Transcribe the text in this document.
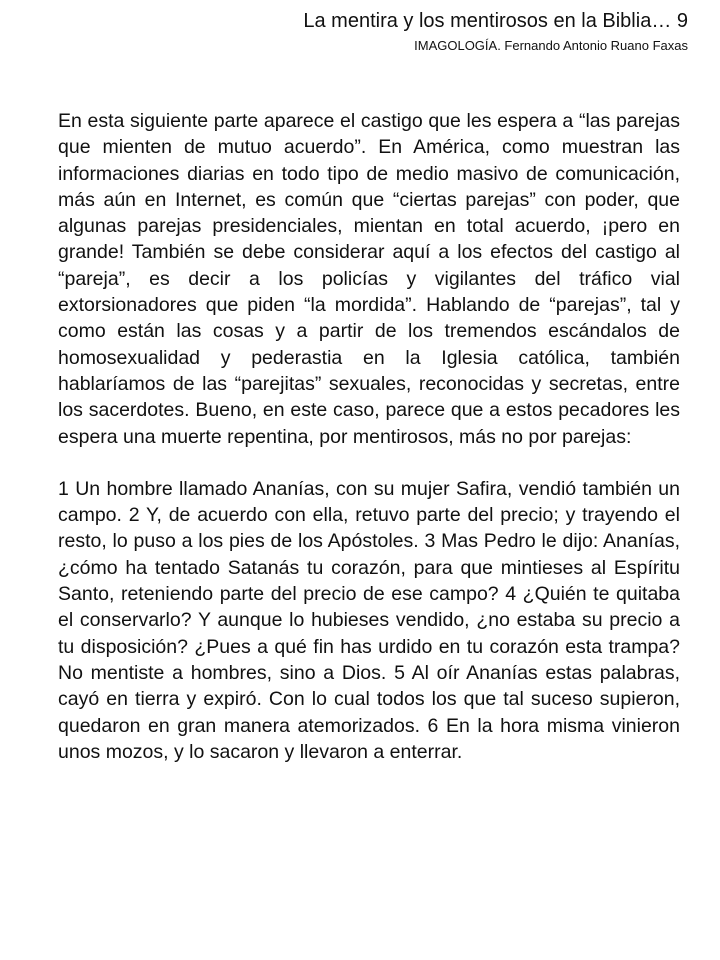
La mentira y los mentirosos en la Biblia… 9
IMAGOLOGÍA. Fernando Antonio Ruano Faxas

En esta siguiente parte aparece el castigo que les espera a “las parejas que mienten de mutuo acuerdo”. En América, como muestran las informaciones diarias en todo tipo de medio masivo de comunicación, más aún en Internet, es común que “ciertas parejas” con poder, que algunas parejas presidenciales, mientan en total acuerdo, ¡pero en grande! También se debe considerar aquí a los efectos del castigo al “pareja”, es decir a los policías y vigilantes del tráfico vial extorsionadores que piden “la mordida”. Hablando de “parejas”, tal y como están las cosas y a partir de los tremendos escándalos de homosexualidad y pederastia en la Iglesia católica, también hablaríamos de las “parejitas” sexuales, reconocidas y secretas, entre los sacerdotes. Bueno, en este caso, parece que a estos pecadores les espera una muerte repentina, por mentirosos, más no por parejas:

1 Un hombre llamado Ananías, con su mujer Safira, vendió también un campo. 2 Y, de acuerdo con ella, retuvo parte del precio; y trayendo el resto, lo puso a los pies de los Apóstoles. 3 Mas Pedro le dijo: Ananías, ¿cómo ha tentado Satanás tu corazón, para que mintieses al Espíritu Santo, reteniendo parte del precio de ese campo? 4 ¿Quién te quitaba el conservarlo? Y aunque lo hubieses vendido, ¿no estaba su precio a tu disposición? ¿Pues a qué fin has urdido en tu corazón esta trampa? No mentiste a hombres, sino a Dios. 5 Al oír Ananías estas palabras, cayó en tierra y expiró. Con lo cual todos los que tal suceso supieron, quedaron en gran manera atemorizados. 6 En la hora misma vinieron unos mozos, y lo sacaron y llevaron a enterrar.
